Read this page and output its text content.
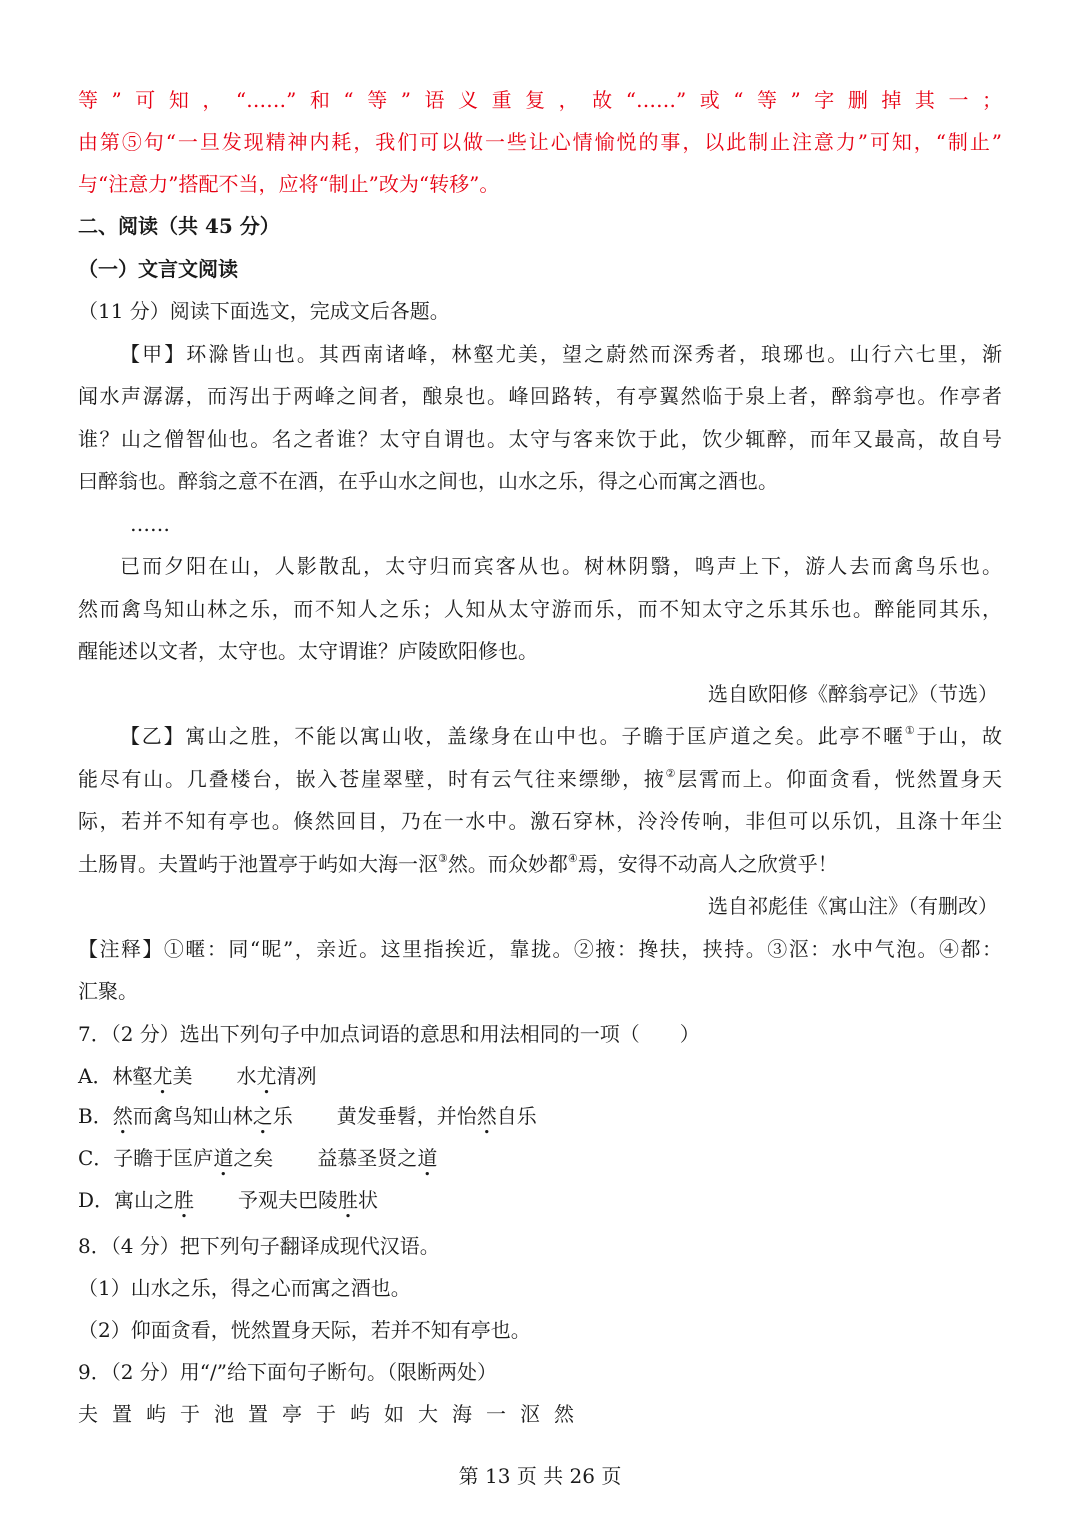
等”可知，“……”和“等”语义重复，故“……”或“等”字删掉其一；
由第⑤句“一旦发现精神内耗，我们可以做一些让心情愉悦的事，以此制止注意力”可知，“制止”
与“注意力”搭配不当，应将“制止”改为“转移”。
二、阅读（共 45 分）
（一）文言文阅读
（11 分）阅读下面选文，完成文后各题。
【甲】环滁皆山也。其西南诸峰，林壑尤美，望之蔚然而深秀者，琅琊也。山行六七里，渐
闻水声潺潺，而泻出于两峰之间者，酿泉也。峰回路转，有亭翼然临于泉上者，醉翁亭也。作亭者
谁？山之僧智仙也。名之者谁？太守自谓也。太守与客来饮于此，饮少辄醉，而年又最高，故自号
曰醉翁也。醉翁之意不在酒，在乎山水之间也，山水之乐，得之心而寓之酒也。
……
已而夕阳在山，人影散乱，太守归而宾客从也。树林阴翳，鸣声上下，游人去而禽鸟乐也。
然而禽鸟知山林之乐，而不知人之乐；人知从太守游而乐，而不知太守之乐其乐也。醉能同其乐，
醒能述以文者，太守也。太守谓谁？庐陵欧阳修也。
选自欧阳修《醉翁亭记》（节选）
【乙】寓山之胜，不能以寓山收，盖缘身在山中也。子瞻于匡庐道之矣。此亭不暱①于山，故
能尽有山。几叠楼台，嵌入苍崖翠壁，时有云气往来缥缈，掖②层霄而上。仰面贪看，恍然置身天
际，若并不知有亭也。倏然回目，乃在一水中。激石穿林，泠泠传响，非但可以乐饥，且涤十年尘
土肠胃。夫置屿于池置亭于屿如大海一沤③然。而众妙都④焉，安得不动高人之欣赏乎！
选自祁彪佳《寓山注》（有删改）
【注释】①暱：同“昵”，亲近。这里指挨近，靠拢。②掖：搀扶，挟持。③沤：水中气泡。④都：
汇聚。
7．（2 分）选出下列句子中加点词语的意思和用法相同的一项（　　）
A．林壑尤美 水尤清冽
B．然而禽鸟知山林之乐 黄发垂髫，并怡然自乐
C．子瞻于匡庐道之矣 益慕圣贤之道
D．寓山之胜 予观夫巴陵胜状
8．（4 分）把下列句子翻译成现代汉语。
（1）山水之乐，得之心而寓之酒也。
（2）仰面贪看，恍然置身天际，若并不知有亭也。
9．（2 分）用“/”给下面句子断句。（限断两处）
夫置屿于池置亭于屿如大海一沤然
第 13 页 共 26 页
